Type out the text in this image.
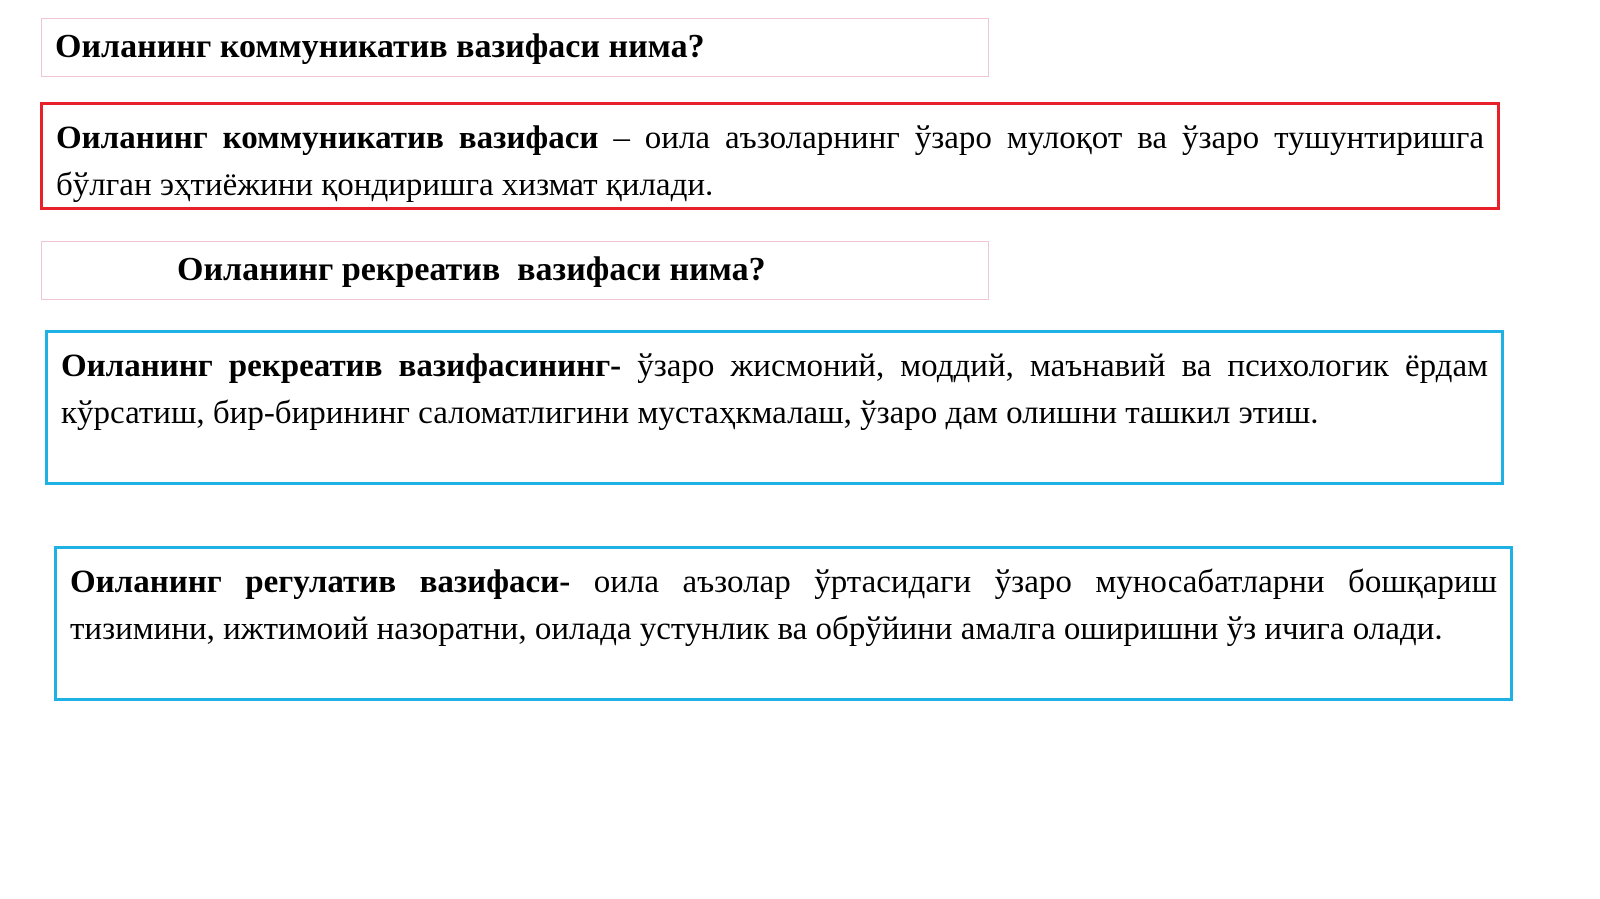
Оиланинг коммуникатив вазифаси нима?
Оиланинг коммуникатив вазифаси – оила аъзоларнинг ўзаро мулоқот ва ўзаро тушунтиришга бўлган эҳтиёжини қондиришга хизмат қилади.
Оиланинг рекреатив  вазифаси нима?
Оиланинг рекреатив вазифасининг- ўзаро жисмоний, моддий, маънавий ва психологик ёрдам кўрсатиш, бир-бирининг саломатлигини мустаҳкмалаш, ўзаро дам олишни ташкил этиш.
Оиланинг регулатив вазифаси- оила аъзолар ўртасидаги ўзаро муносабатларни бошқариш тизимини, ижтимоий назоратни, оилада устунлик ва обрўйини амалга оширишни ўз ичига олади.
